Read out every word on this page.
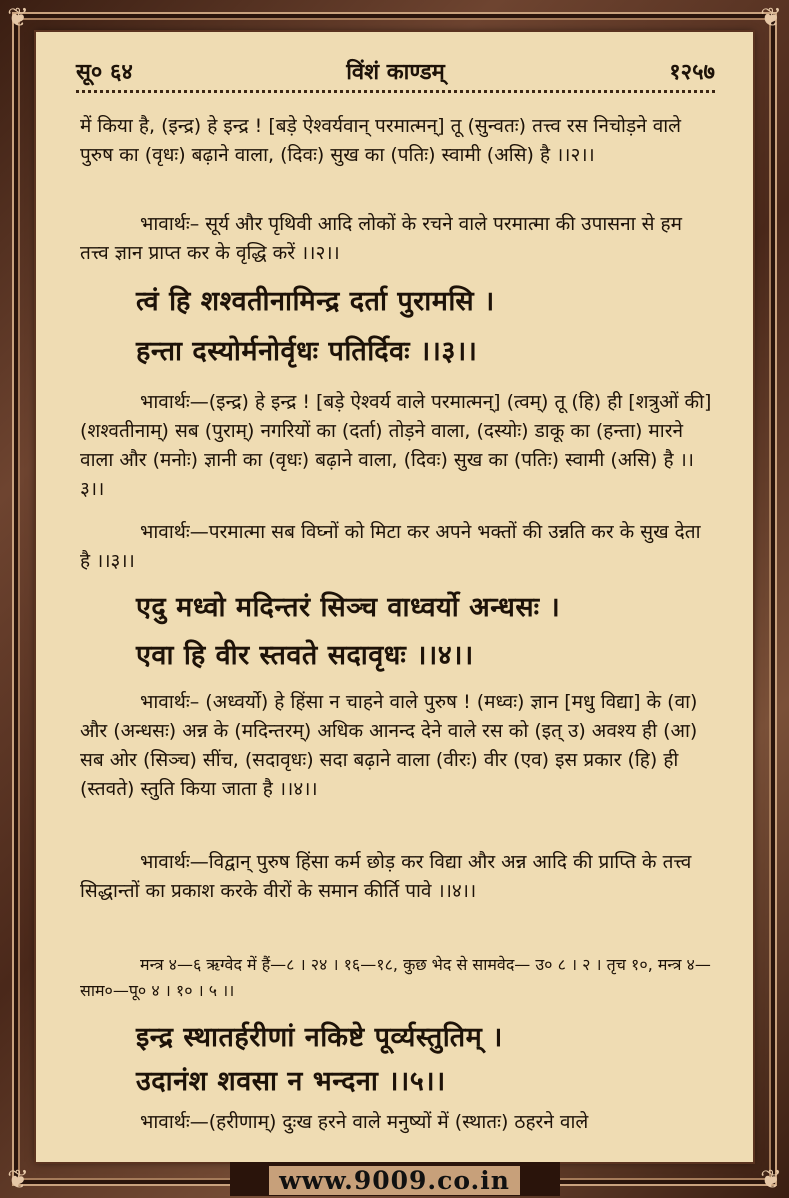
❦	❦
❦	❦
सू० ६४	विंशं काण्डम्	१२५७

में किया है, (इन्द्र) हे इन्द्र ! [बड़े ऐश्वर्यवान् परमात्मन्] तू (सुन्वतः) तत्त्व रस निचोड़ने वाले पुरुष का (वृधः) बढ़ाने वाला, (दिवः) सुख का (पतिः) स्वामी (असि) है ।।२।।

भावार्थः– सूर्य और पृथिवी आदि लोकों के रचने वाले परमात्मा की उपासना से हम तत्त्व ज्ञान प्राप्त कर के वृद्धि करें ।।२।।

त्वं हि शश्वतीनामिन्द्र दर्ता पुरामसि ।

हन्ता दस्योर्मनोर्वृधः पतिर्दिवः ।।३।।

भावार्थः—(इन्द्र) हे इन्द्र ! [बड़े ऐश्वर्य वाले परमात्मन्] (त्वम्) तू (हि) ही [शत्रुओं की] (शश्वतीनाम्) सब (पुराम्) नगरियों का (दर्ता) तोड़ने वाला, (दस्योः) डाकू का (हन्ता) मारने वाला और (मनोः) ज्ञानी का (वृधः) बढ़ाने वाला, (दिवः) सुख का (पतिः) स्वामी (असि) है ।।३।।

भावार्थः—परमात्मा सब विघ्नों को मिटा कर अपने भक्तों की उन्नति कर के सुख देता है ।।३।।

एदु मध्वो मदिन्तरं सिञ्च वाध्वर्यो अन्धसः ।

एवा हि वीर स्तवते सदावृधः ।।४।।

भावार्थः– (अध्वर्यो) हे हिंसा न चाहने वाले पुरुष ! (मध्वः) ज्ञान [मधु विद्या] के (वा) और (अन्धसः) अन्न के (मदिन्तरम्) अधिक आनन्द देने वाले रस को (इत् उ) अवश्य ही (आ) सब ओर (सिञ्च) सींच, (सदावृधः) सदा बढ़ाने वाला (वीरः) वीर (एव) इस प्रकार (हि) ही (स्तवते) स्तुति किया जाता है ।।४।।

भावार्थः—विद्वान् पुरुष हिंसा कर्म छोड़ कर विद्या और अन्न आदि की प्राप्ति के तत्त्व सिद्धान्तों का प्रकाश करके वीरों के समान कीर्ति पावे ।।४।।

मन्त्र ४—६ ऋग्वेद में हैं—८ । २४ । १६—१८, कुछ भेद से सामवेद— उ० ८ । २ । तृच १०, मन्त्र ४—साम०—पू० ४ । १० । ५ ।।

इन्द्र स्थातर्हरीणां नकिष्टे पूर्व्यस्तुतिम् ।

उदानंश शवसा न भन्दना ।।५।।

भावार्थः—(हरीणाम्) दुःख हरने वाले मनुष्यों में (स्थातः) ठहरने वाले

www.9009.co.in
